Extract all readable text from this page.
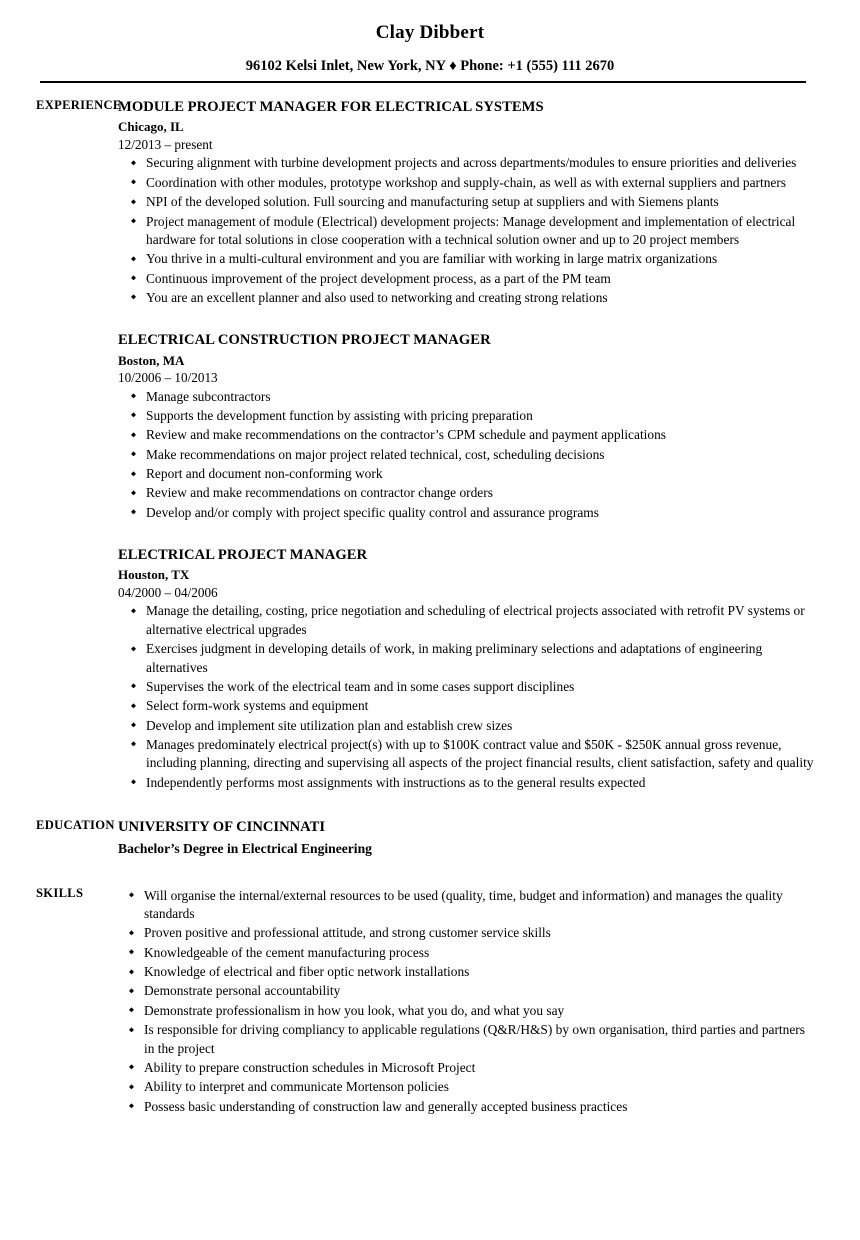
Clay Dibbert
96102 Kelsi Inlet, New York, NY ♦ Phone: +1 (555) 111 2670
EXPERIENCE
MODULE PROJECT MANAGER FOR ELECTRICAL SYSTEMS
Chicago, IL
12/2013 – present
◆ Securing alignment with turbine development projects and across departments/modules to ensure priorities and deliveries
◆ Coordination with other modules, prototype workshop and supply-chain, as well as with external suppliers and partners
◆ NPI of the developed solution. Full sourcing and manufacturing setup at suppliers and with Siemens plants
◆ Project management of module (Electrical) development projects: Manage development and implementation of electrical hardware for total solutions in close cooperation with a technical solution owner and up to 20 project members
◆ You thrive in a multi-cultural environment and you are familiar with working in large matrix organizations
◆ Continuous improvement of the project development process, as a part of the PM team
◆ You are an excellent planner and also used to networking and creating strong relations
ELECTRICAL CONSTRUCTION PROJECT MANAGER
Boston, MA
10/2006 – 10/2013
◆ Manage subcontractors
◆ Supports the development function by assisting with pricing preparation
◆ Review and make recommendations on the contractor’s CPM schedule and payment applications
◆ Make recommendations on major project related technical, cost, scheduling decisions
◆ Report and document non-conforming work
◆ Review and make recommendations on contractor change orders
◆ Develop and/or comply with project specific quality control and assurance programs
ELECTRICAL PROJECT MANAGER
Houston, TX
04/2000 – 04/2006
◆ Manage the detailing, costing, price negotiation and scheduling of electrical projects associated with retrofit PV systems or alternative electrical upgrades
◆ Exercises judgment in developing details of work, in making preliminary selections and adaptations of engineering alternatives
◆ Supervises the work of the electrical team and in some cases support disciplines
◆ Select form-work systems and equipment
◆ Develop and implement site utilization plan and establish crew sizes
◆ Manages predominately electrical project(s) with up to $100K contract value and $50K - $250K annual gross revenue, including planning, directing and supervising all aspects of the project financial results, client satisfaction, safety and quality
◆ Independently performs most assignments with instructions as to the general results expected
EDUCATION UNIVERSITY OF CINCINNATI
Bachelor’s Degree in Electrical Engineering
SKILLS	◆ Will organise the internal/external resources to be used (quality, time, budget and information) and manages the quality standards
◆ Proven positive and professional attitude, and strong customer service skills
◆ Knowledgeable of the cement manufacturing process
◆ Knowledge of electrical and fiber optic network installations
◆ Demonstrate personal accountability
◆ Demonstrate professionalism in how you look, what you do, and what you say
◆ Is responsible for driving compliancy to applicable regulations (Q&R/H&S) by own organisation, third parties and partners in the project
◆ Ability to prepare construction schedules in Microsoft Project
◆ Ability to interpret and communicate Mortenson policies
◆ Possess basic understanding of construction law and generally accepted business practices
